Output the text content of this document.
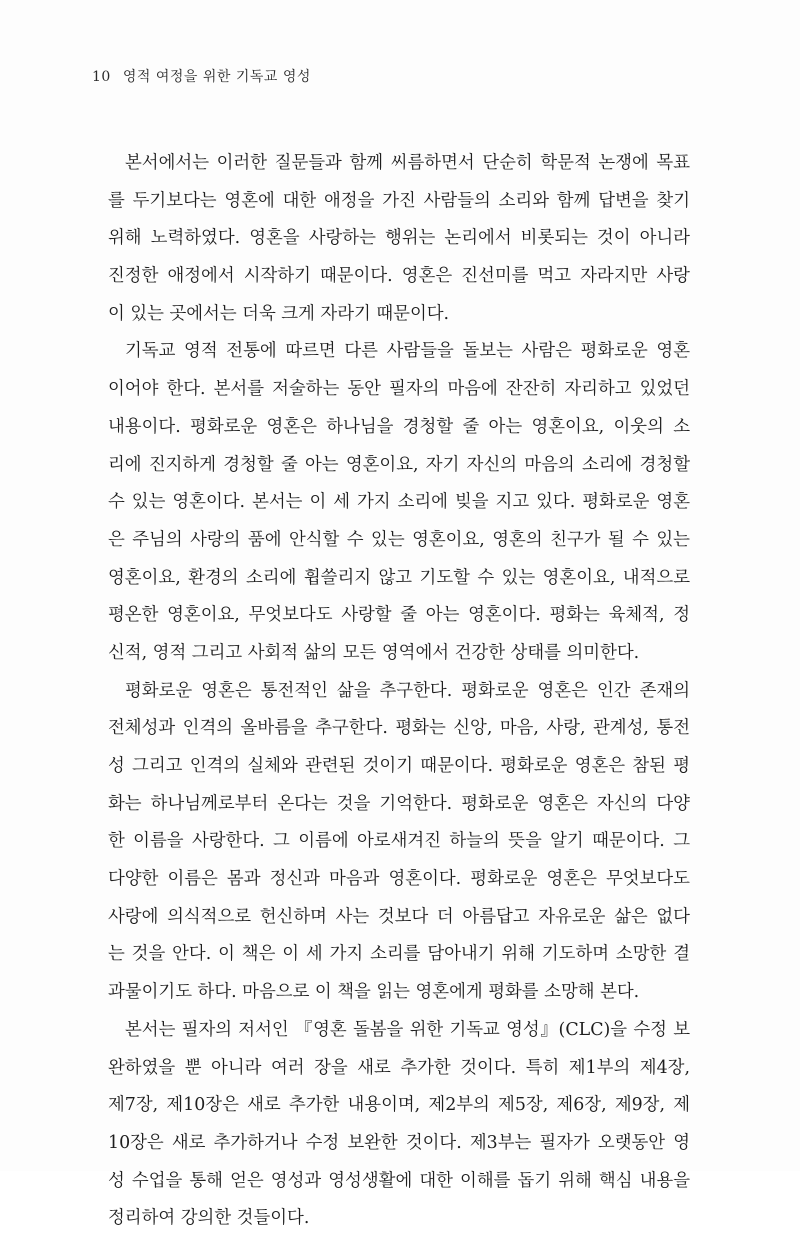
10 영적 여정을 위한 기독교 영성
본서에서는 이러한 질문들과 함께 씨름하면서 단순히 학문적 논쟁에 목표
를 두기보다는 영혼에 대한 애정을 가진 사람들의 소리와 함께 답변을 찾기
위해 노력하였다. 영혼을 사랑하는 행위는 논리에서 비롯되는 것이 아니라
진정한 애정에서 시작하기 때문이다. 영혼은 진선미를 먹고 자라지만 사랑
이 있는 곳에서는 더욱 크게 자라기 때문이다.
기독교 영적 전통에 따르면 다른 사람들을 돌보는 사람은 평화로운 영혼
이어야 한다. 본서를 저술하는 동안 필자의 마음에 잔잔히 자리하고 있었던
내용이다. 평화로운 영혼은 하나님을 경청할 줄 아는 영혼이요, 이웃의 소
리에 진지하게 경청할 줄 아는 영혼이요, 자기 자신의 마음의 소리에 경청할
수 있는 영혼이다. 본서는 이 세 가지 소리에 빚을 지고 있다. 평화로운 영혼
은 주님의 사랑의 품에 안식할 수 있는 영혼이요, 영혼의 친구가 될 수 있는
영혼이요, 환경의 소리에 휩쓸리지 않고 기도할 수 있는 영혼이요, 내적으로
평온한 영혼이요, 무엇보다도 사랑할 줄 아는 영혼이다. 평화는 육체적, 정
신적, 영적 그리고 사회적 삶의 모든 영역에서 건강한 상태를 의미한다.
평화로운 영혼은 통전적인 삶을 추구한다. 평화로운 영혼은 인간 존재의
전체성과 인격의 올바름을 추구한다. 평화는 신앙, 마음, 사랑, 관계성, 통전
성 그리고 인격의 실체와 관련된 것이기 때문이다. 평화로운 영혼은 참된 평
화는 하나님께로부터 온다는 것을 기억한다. 평화로운 영혼은 자신의 다양
한 이름을 사랑한다. 그 이름에 아로새겨진 하늘의 뜻을 알기 때문이다. 그
다양한 이름은 몸과 정신과 마음과 영혼이다. 평화로운 영혼은 무엇보다도
사랑에 의식적으로 헌신하며 사는 것보다 더 아름답고 자유로운 삶은 없다
는 것을 안다. 이 책은 이 세 가지 소리를 담아내기 위해 기도하며 소망한 결
과물이기도 하다. 마음으로 이 책을 읽는 영혼에게 평화를 소망해 본다.
본서는 필자의 저서인 『영혼 돌봄을 위한 기독교 영성』(CLC)을 수정 보
완하였을 뿐 아니라 여러 장을 새로 추가한 것이다. 특히 제1부의 제4장,
제7장, 제10장은 새로 추가한 내용이며, 제2부의 제5장, 제6장, 제9장, 제
10장은 새로 추가하거나 수정 보완한 것이다. 제3부는 필자가 오랫동안 영
성 수업을 통해 얻은 영성과 영성생활에 대한 이해를 돕기 위해 핵심 내용을
정리하여 강의한 것들이다.
